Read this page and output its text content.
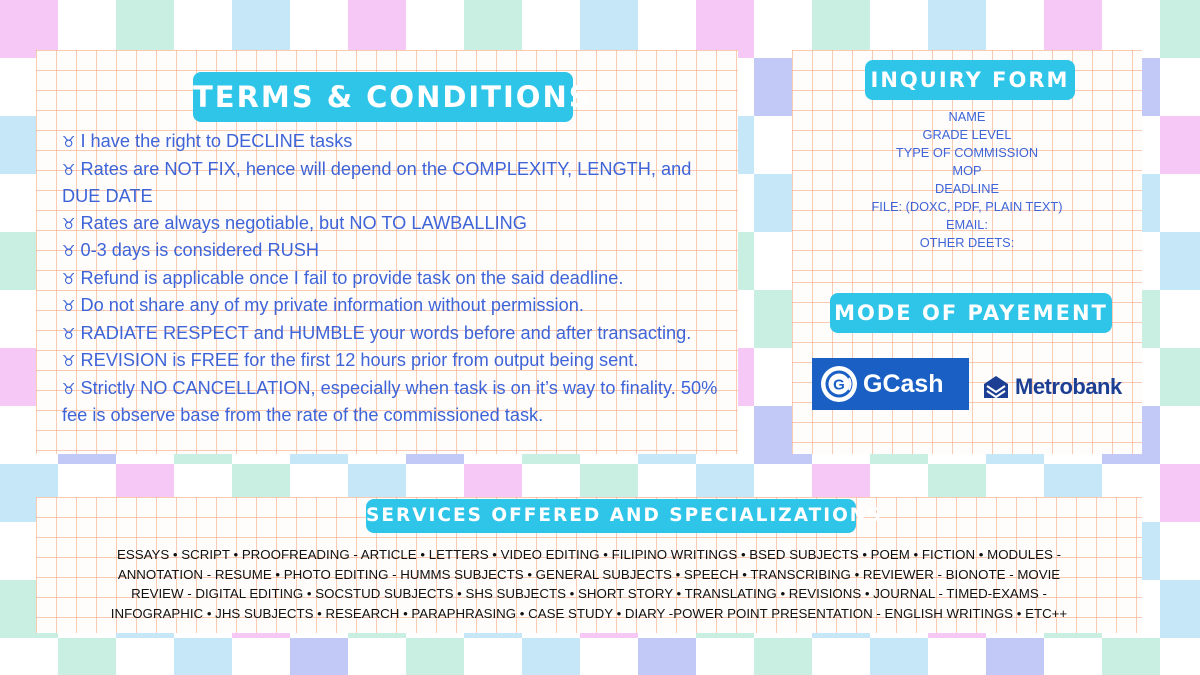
TERMS & CONDITIONS
♉ I have the right to DECLINE tasks
♉ Rates are NOT FIX, hence will depend on the COMPLEXITY, LENGTH, and DUE DATE
♉ Rates are always negotiable, but NO TO LAWBALLING
♉ 0-3 days is considered RUSH
♉ Refund is applicable once I fail to provide task on the said deadline.
♉ Do not share any of my private information without permission.
♉ RADIATE RESPECT and HUMBLE your words before and after transacting.
♉ REVISION is FREE for the first 12 hours prior from output being sent.
♉ Strictly NO CANCELLATION, especially when task is on it’s way to finality. 50% fee is observe base from the rate of the commissioned task.
INQUIRY FORM
NAME
GRADE LEVEL
TYPE OF COMMISSION
MOP
DEADLINE
FILE: (DOXC, PDF, PLAIN TEXT)
EMAIL:
OTHER DEETS:
MODE OF PAYEMENT
G GCash	Metrobank
SERVICES OFFERED AND SPECIALIZATIONS
ESSAYS • SCRIPT • PROOFREADING - ARTICLE • LETTERS • VIDEO EDITING • FILIPINO WRITINGS • BSED SUBJECTS • POEM • FICTION • MODULES -
ANNOTATION - RESUME • PHOTO EDITING - HUMMS SUBJECTS • GENERAL SUBJECTS • SPEECH • TRANSCRIBING • REVIEWER - BIONOTE - MOVIE
REVIEW - DIGITAL EDITING • SOCSTUD SUBJECTS • SHS SUBJECTS • SHORT STORY • TRANSLATING • REVISIONS • JOURNAL - TIMED-EXAMS -
INFOGRAPHIC • JHS SUBJECTS • RESEARCH • PARAPHRASING • CASE STUDY • DIARY -POWER POINT PRESENTATION - ENGLISH WRITINGS • ETC++
